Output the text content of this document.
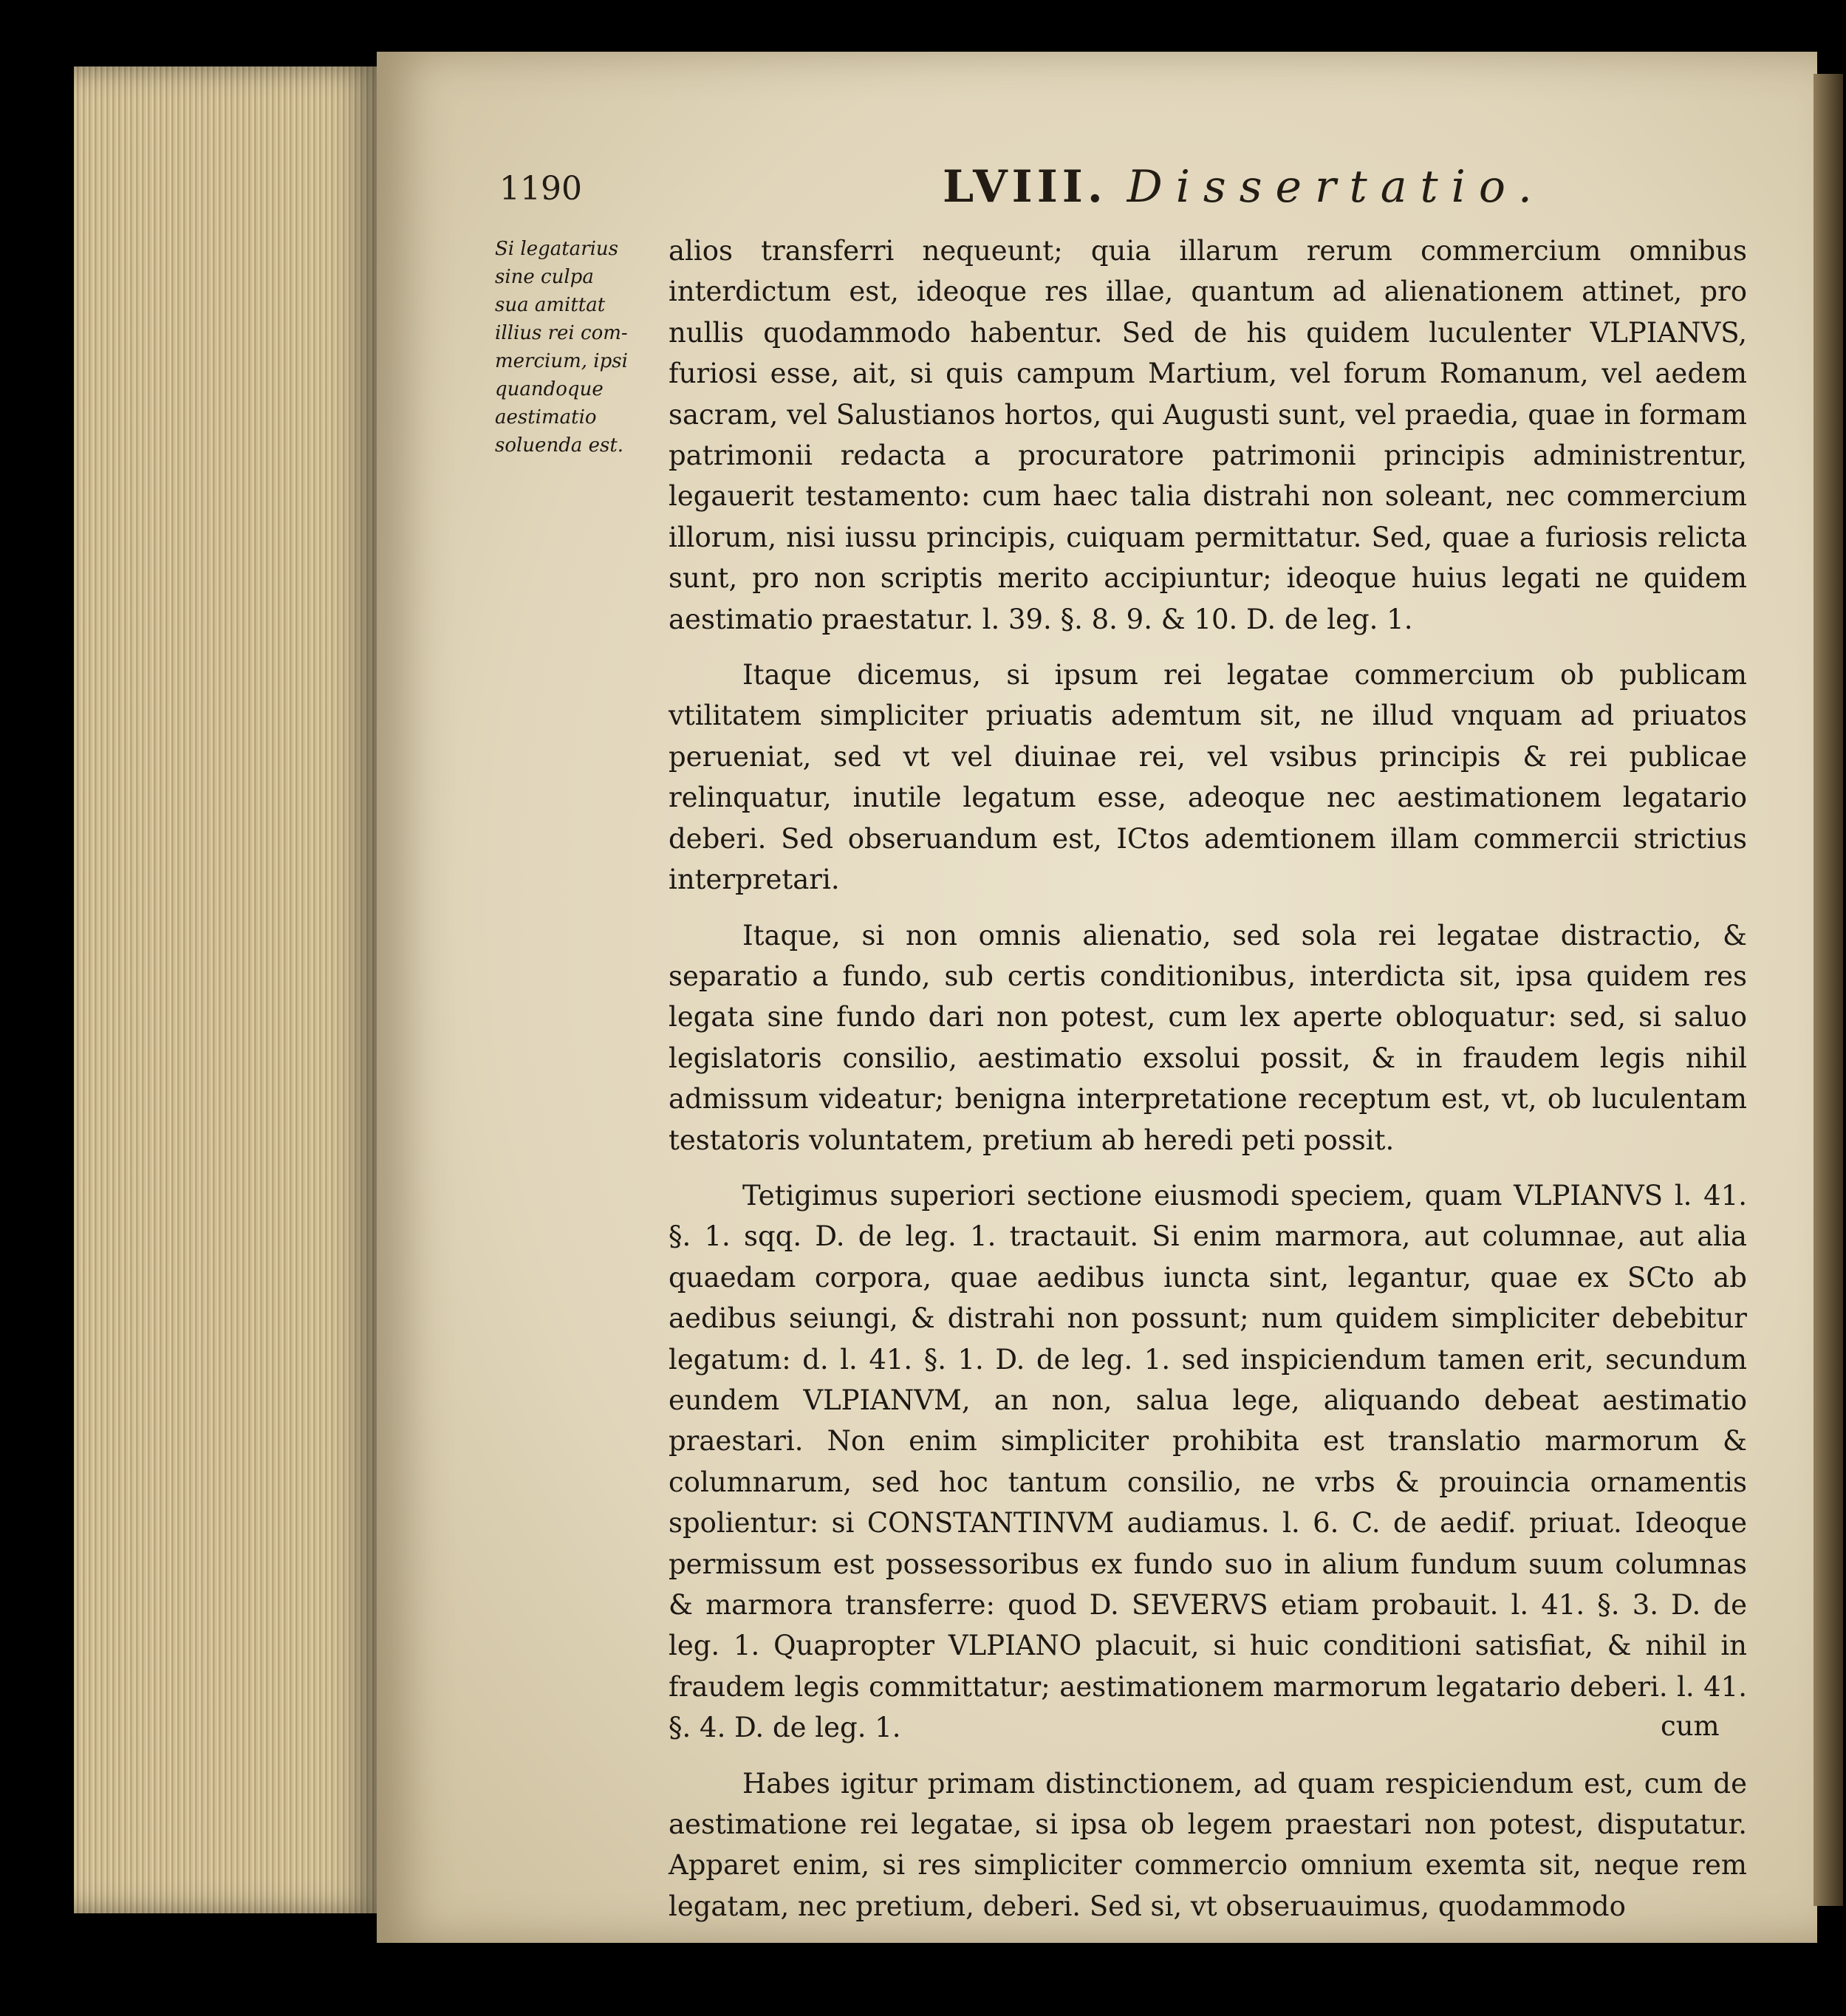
1190	LVIII. Dissertatio.
Si legatarius
sine culpa
sua amittat
illius rei com-
mercium, ipsi
quandoque
aestimatio
soluenda est.

alios transferri nequeunt; quia illarum rerum commercium omnibus interdictum est, ideoque res illae, quantum ad alienationem attinet, pro nullis quodammodo habentur. Sed de his quidem luculenter VLPIANVS, furiosi esse, ait, si quis campum Martium, vel forum Romanum, vel aedem sacram, vel Salustianos hortos, qui Augusti sunt, vel praedia, quae in formam patrimonii redacta a procuratore patrimonii principis administrentur, legauerit testamento: cum haec talia distrahi non soleant, nec commercium illorum, nisi iussu principis, cuiquam permittatur. Sed, quae a furiosis relicta sunt, pro non scriptis merito accipiuntur; ideoque huius legati ne quidem aestimatio praestatur. l. 39. §. 8. 9. & 10. D. de leg. 1.

Itaque dicemus, si ipsum rei legatae commercium ob publicam vtilitatem simpliciter priuatis ademtum sit, ne illud vnquam ad priuatos perueniat, sed vt vel diuinae rei, vel vsibus principis & rei publicae relinquatur, inutile legatum esse, adeoque nec aestimationem legatario deberi. Sed obseruandum est, ICtos ademtionem illam commercii strictius interpretari.

Itaque, si non omnis alienatio, sed sola rei legatae distractio, & separatio a fundo, sub certis conditionibus, interdicta sit, ipsa quidem res legata sine fundo dari non potest, cum lex aperte obloquatur: sed, si saluo legislatoris consilio, aestimatio exsolui possit, & in fraudem legis nihil admissum videatur; benigna interpretatione receptum est, vt, ob luculentam testatoris voluntatem, pretium ab heredi peti possit.

Tetigimus superiori sectione eiusmodi speciem, quam VLPIANVS l. 41. §. 1. sqq. D. de leg. 1. tractauit. Si enim marmora, aut columnae, aut alia quaedam corpora, quae aedibus iuncta sint, legantur, quae ex SCto ab aedibus seiungi, & distrahi non possunt; num quidem simpliciter debebitur legatum: d. l. 41. §. 1. D. de leg. 1. sed inspiciendum tamen erit, secundum eundem VLPIANVM, an non, salua lege, aliquando debeat aestimatio praestari. Non enim simpliciter prohibita est translatio marmorum & columnarum, sed hoc tantum consilio, ne vrbs & prouincia ornamentis spolientur: si CONSTANTINVM audiamus. l. 6. C. de aedif. priuat. Ideoque permissum est possessoribus ex fundo suo in alium fundum suum columnas & marmora transferre: quod D. SEVERVS etiam probauit. l. 41. §. 3. D. de leg. 1. Quapropter VLPIANO placuit, si huic conditioni satisfiat, & nihil in fraudem legis committatur; aestimationem marmorum legatario deberi. l. 41. §. 4. D. de leg. 1.

Habes igitur primam distinctionem, ad quam respiciendum est, cum de aestimatione rei legatae, si ipsa ob legem praestari non potest, disputatur. Apparet enim, si res simpliciter commercio omnium exemta sit, neque rem legatam, nec pretium, deberi. Sed si, vt obseruauimus, quodammodo

cum
